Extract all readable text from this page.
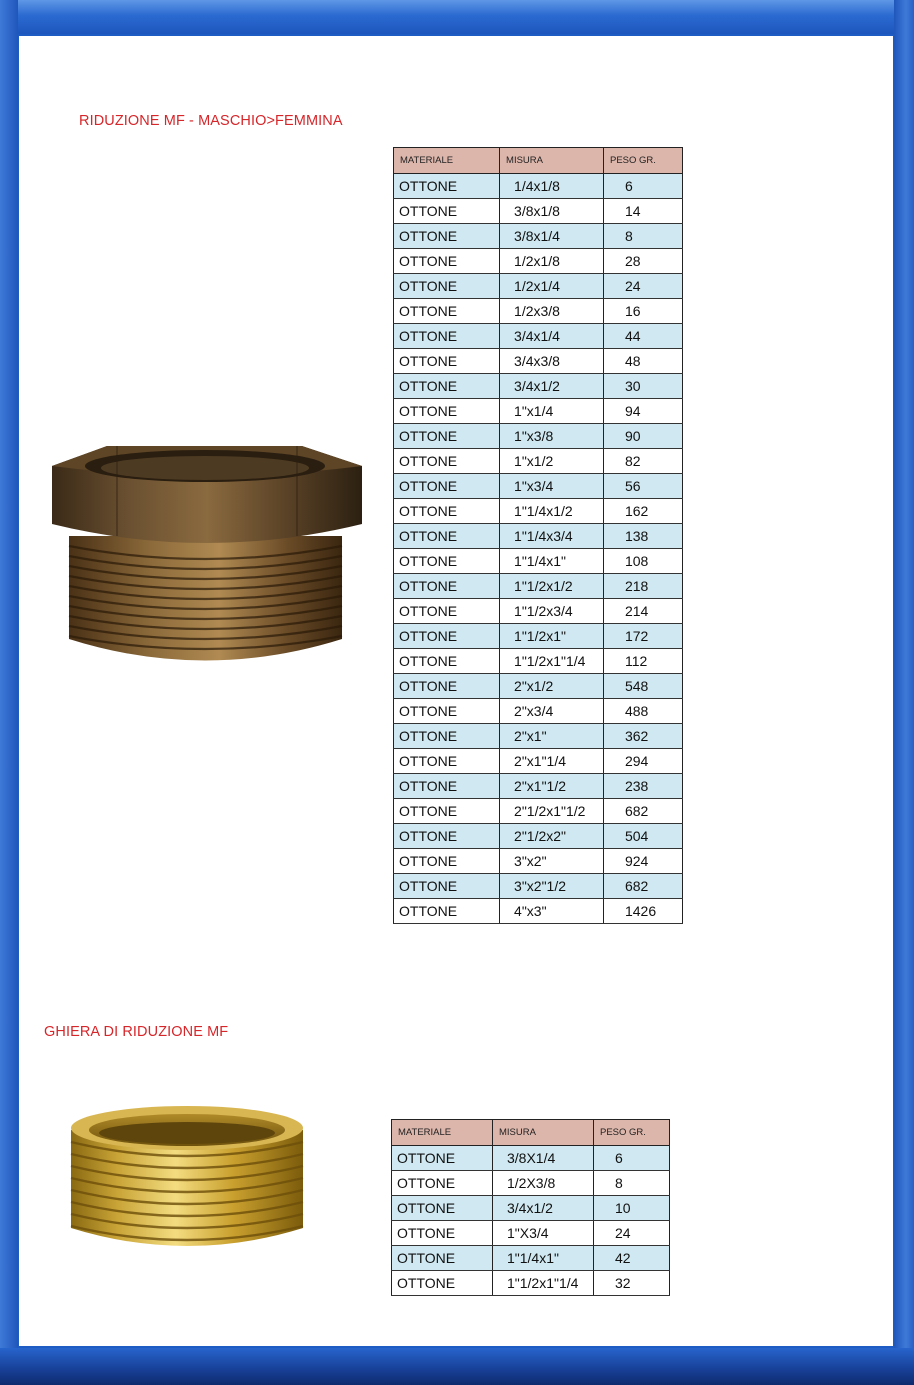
RIDUZIONE MF - MASCHIO>FEMMINA
MATERIALE	MISURA	PESO GR.
OTTONE	1/4x1/8	6
OTTONE	3/8x1/8	14
OTTONE	3/8x1/4	8
OTTONE	1/2x1/8	28
OTTONE	1/2x1/4	24
OTTONE	1/2x3/8	16
OTTONE	3/4x1/4	44
OTTONE	3/4x3/8	48
OTTONE	3/4x1/2	30
OTTONE	1"x1/4	94
OTTONE	1"x3/8	90
OTTONE	1"x1/2	82
OTTONE	1"x3/4	56
OTTONE	1"1/4x1/2	162
OTTONE	1"1/4x3/4	138
OTTONE	1"1/4x1"	108
OTTONE	1"1/2x1/2	218
OTTONE	1"1/2x3/4	214
OTTONE	1"1/2x1"	172
OTTONE	1"1/2x1"1/4	112
OTTONE	2"x1/2	548
OTTONE	2"x3/4	488
OTTONE	2"x1"	362
OTTONE	2"x1"1/4	294
OTTONE	2"x1"1/2	238
OTTONE	2"1/2x1"1/2	682
OTTONE	2"1/2x2"	504
OTTONE	3"x2"	924
OTTONE	3"x2"1/2	682
OTTONE	4"x3"	1426
GHIERA DI RIDUZIONE MF
MATERIALE	MISURA	PESO GR.
OTTONE	3/8X1/4	6
OTTONE	1/2X3/8	8
OTTONE	3/4x1/2	10
OTTONE	1"X3/4	24
OTTONE	1"1/4x1"	42
OTTONE	1"1/2x1"1/4	32
